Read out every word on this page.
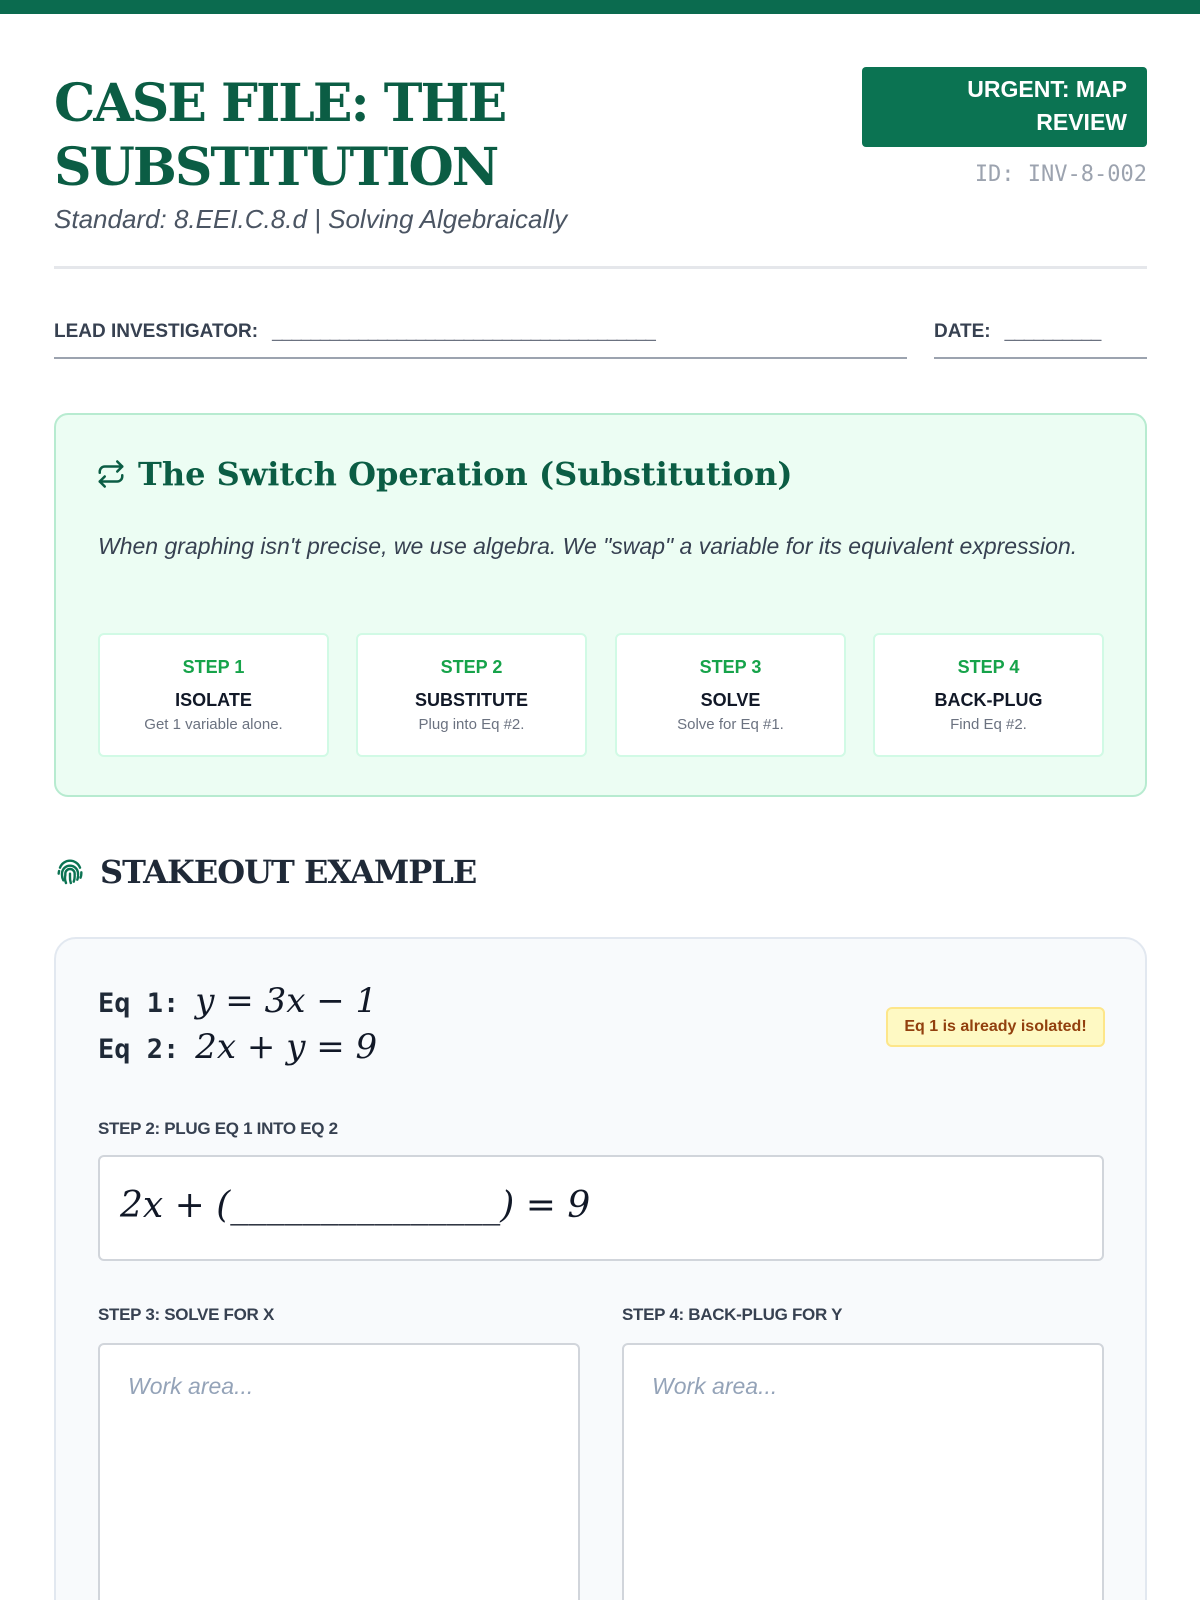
CASE FILE: THE SUBSTITUTION
Standard: 8.EEI.C.8.d | Solving Algebraically
URGENT: MAP REVIEW
ID: INV-8-002
LEAD INVESTIGATOR: ________________________________________	DATE: __________
The Switch Operation (Substitution)

When graphing isn't precise, we use algebra. We "swap" a variable for its equivalent expression.

STEP 1
ISOLATE
Get 1 variable alone.
STEP 2
SUBSTITUTE
Plug into Eq #2.
STEP 3
SOLVE
Solve for Eq #1.
STEP 4
BACK-PLUG
Find Eq #2.
STAKEOUT EXAMPLE
Eq 1: y = 3x − 1
Eq 2: 2x + y = 9
Eq 1 is already isolated!
STEP 2: PLUG EQ 1 INTO EQ 2
2x + (_______________) = 9
STEP 3: SOLVE FOR X	STEP 4: BACK-PLUG FOR Y
Work area...	Work area...
